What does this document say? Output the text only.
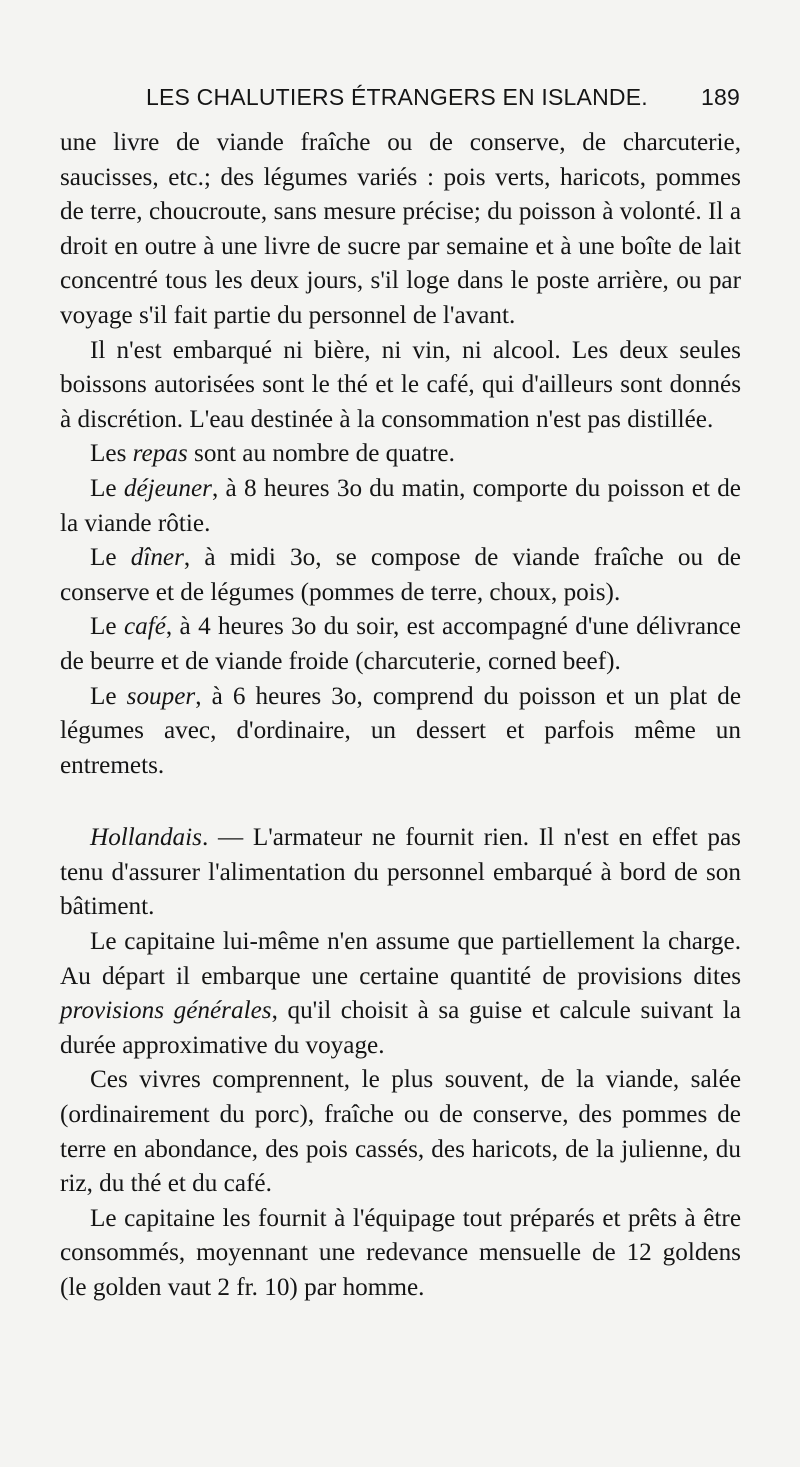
LES CHALUTIERS ÉTRANGERS EN ISLANDE. 189

une livre de viande fraîche ou de conserve, de charcuterie, saucisses, etc.; des légumes variés : pois verts, haricots, pommes de terre, choucroute, sans mesure précise; du poisson à volonté. Il a droit en outre à une livre de sucre par semaine et à une boîte de lait concentré tous les deux jours, s'il loge dans le poste arrière, ou par voyage s'il fait partie du personnel de l'avant.

Il n'est embarqué ni bière, ni vin, ni alcool. Les deux seules boissons autorisées sont le thé et le café, qui d'ailleurs sont donnés à discrétion. L'eau destinée à la consommation n'est pas distillée.

Les repas sont au nombre de quatre.

Le déjeuner, à 8 heures 3o du matin, comporte du poisson et de la viande rôtie.

Le dîner, à midi 3o, se compose de viande fraîche ou de conserve et de légumes (pommes de terre, choux, pois).

Le café, à 4 heures 3o du soir, est accompagné d'une délivrance de beurre et de viande froide (charcuterie, corned beef).

Le souper, à 6 heures 3o, comprend du poisson et un plat de légumes avec, d'ordinaire, un dessert et parfois même un entremets.

Hollandais. — L'armateur ne fournit rien. Il n'est en effet pas tenu d'assurer l'alimentation du personnel embarqué à bord de son bâtiment.

Le capitaine lui-même n'en assume que partiellement la charge. Au départ il embarque une certaine quantité de provisions dites provisions générales, qu'il choisit à sa guise et calcule suivant la durée approximative du voyage.

Ces vivres comprennent, le plus souvent, de la viande, salée (ordinairement du porc), fraîche ou de conserve, des pommes de terre en abondance, des pois cassés, des haricots, de la julienne, du riz, du thé et du café.

Le capitaine les fournit à l'équipage tout préparés et prêts à être consommés, moyennant une redevance mensuelle de 12 goldens (le golden vaut 2 fr. 10) par homme.
